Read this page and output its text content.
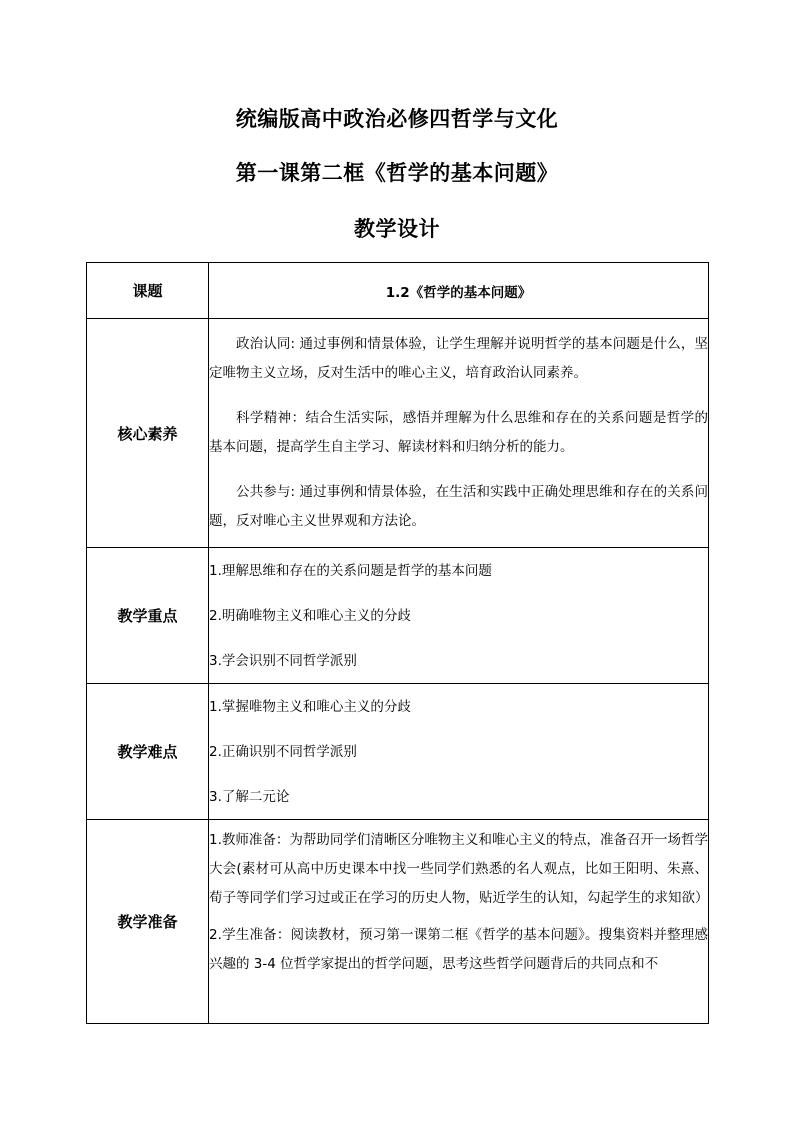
统编版高中政治必修四哲学与文化
第一课第二框《哲学的基本问题》
教学设计
课题	1.2《哲学的基本问题》
核心素养	政治认同: 通过事例和情景体验，让学生理解并说明哲学的基本问题是什么，坚定唯物主义立场，反对生活中的唯心主义，培育政治认同素养。

科学精神：结合生活实际，感悟并理解为什么思维和存在的关系问题是哲学的基本问题，提高学生自主学习、解读材料和归纳分析的能力。

公共参与: 通过事例和情景体验，在生活和实践中正确处理思维和存在的关系问题，反对唯心主义世界观和方法论。

教学重点	1.理解思维和存在的关系问题是哲学的基本问题
2.明确唯物主义和唯心主义的分歧
3.学会识别不同哲学派别

教学难点	1.掌握唯物主义和唯心主义的分歧
2.正确识别不同哲学派别
3.了解二元论

教学准备	1.教师准备：为帮助同学们清晰区分唯物主义和唯心主义的特点，准备召开一场哲学大会(素材可从高中历史课本中找一些同学们熟悉的名人观点，比如王阳明、朱熹、荀子等同学们学习过或正在学习的历史人物，贴近学生的认知，勾起学生的求知欲）

2.学生准备：阅读教材，预习第一课第二框《哲学的基本问题》。搜集资料并整理感兴趣的 3-4 位哲学家提出的哲学问题，思考这些哲学问题背后的共同点和不
